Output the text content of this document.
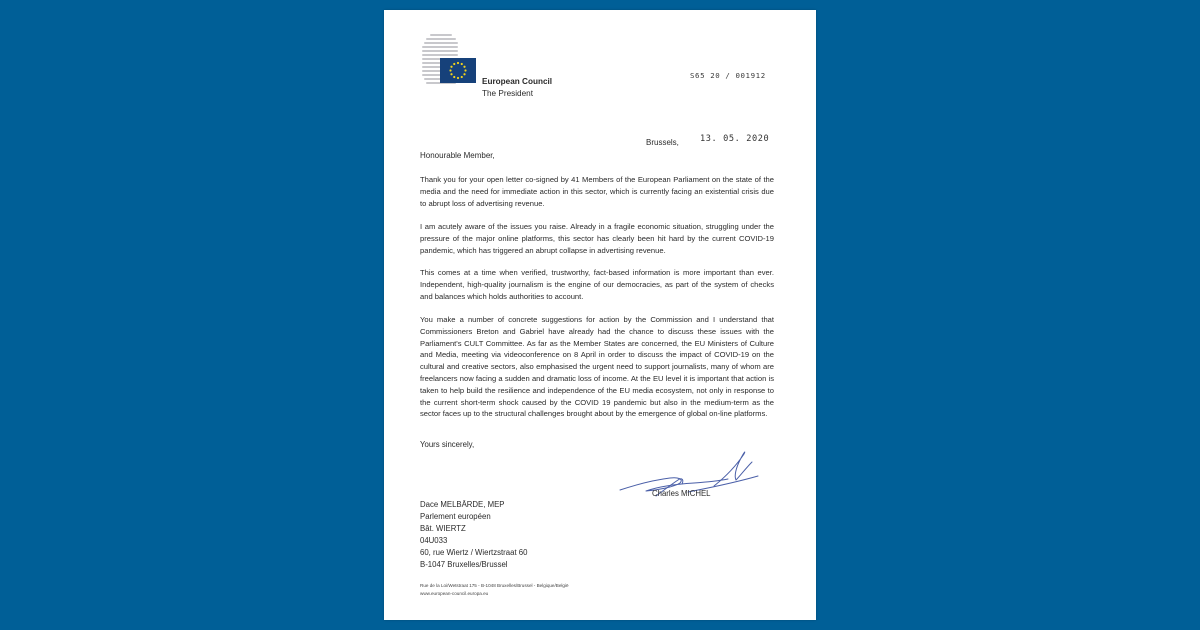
European Council
The President
S65 20 / 001912
Brussels, 13. 05. 2020
Honourable Member,

Thank you for your open letter co-signed by 41 Members of the European Parliament on the state of the media and the need for immediate action in this sector, which is currently facing an existential crisis due to abrupt loss of advertising revenue.

I am acutely aware of the issues you raise. Already in a fragile economic situation, struggling under the pressure of the major online platforms, this sector has clearly been hit hard by the current COVID-19 pandemic, which has triggered an abrupt collapse in advertising revenue.

This comes at a time when verified, trustworthy, fact-based information is more important than ever. Independent, high-quality journalism is the engine of our democracies, as part of the system of checks and balances which holds authorities to account.

You make a number of concrete suggestions for action by the Commission and I understand that Commissioners Breton and Gabriel have already had the chance to discuss these issues with the Parliament's CULT Committee. As far as the Member States are concerned, the EU Ministers of Culture and Media, meeting via videoconference on 8 April in order to discuss the impact of COVID-19 on the cultural and creative sectors, also emphasised the urgent need to support journalists, many of whom are freelancers now facing a sudden and dramatic loss of income. At the EU level it is important that action is taken to help build the resilience and independence of the EU media ecosystem, not only in response to the current short-term shock caused by the COVID 19 pandemic but also in the medium-term as the sector faces up to the structural challenges brought about by the emergence of global on-line platforms.

Yours sincerely,
Charles MICHEL
Dace MELBĀRDE, MEP
Parlement européen
Bât. WIERTZ
04U033
60, rue Wiertz / Wiertzstraat 60
B-1047 Bruxelles/Brussel
Rue de la Loi/Wetstraat 175 - B-1048 Bruxelles/Brussel - Belgique/België
www.european-council.europa.eu
